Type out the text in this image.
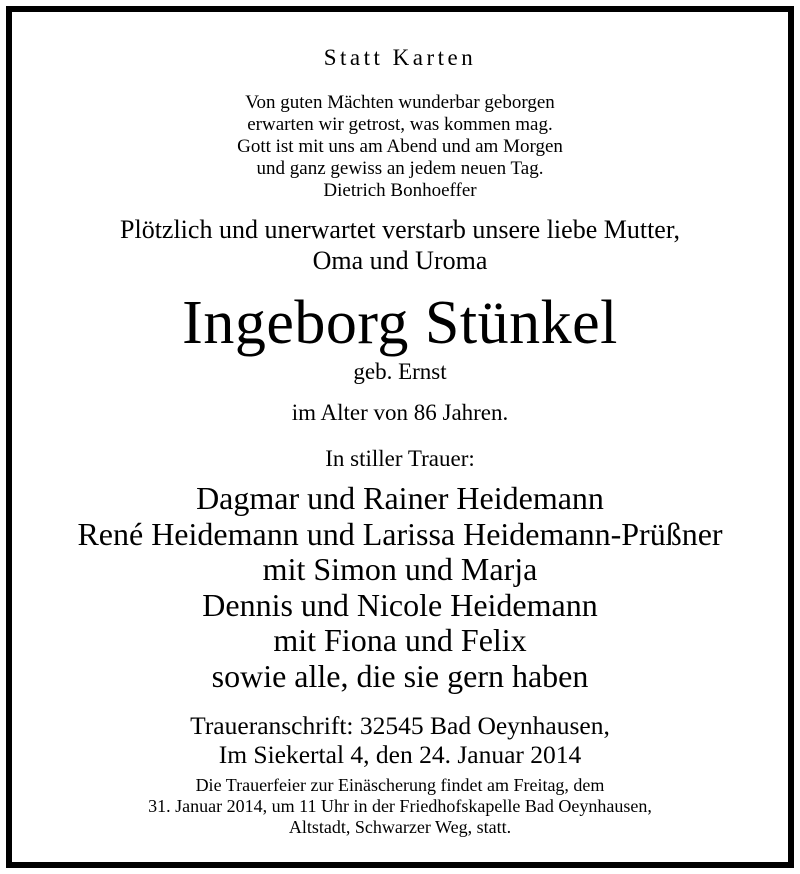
Statt Karten
Von guten Mächten wunderbar geborgen
erwarten wir getrost, was kommen mag.
Gott ist mit uns am Abend und am Morgen
und ganz gewiss an jedem neuen Tag.
Dietrich Bonhoeffer
Plötzlich und unerwartet verstarb unsere liebe Mutter,
Oma und Uroma
Ingeborg Stünkel
geb. Ernst
im Alter von 86 Jahren.
In stiller Trauer:
Dagmar und Rainer Heidemann
René Heidemann und Larissa Heidemann-Prüßner
mit Simon und Marja
Dennis und Nicole Heidemann
mit Fiona und Felix
sowie alle, die sie gern haben
Traueranschrift: 32545 Bad Oeynhausen,
Im Siekertal 4, den 24. Januar 2014
Die Trauerfeier zur Einäscherung findet am Freitag, dem
31. Januar 2014, um 11 Uhr in der Friedhofskapelle Bad Oeynhausen,
Altstadt, Schwarzer Weg, statt.
